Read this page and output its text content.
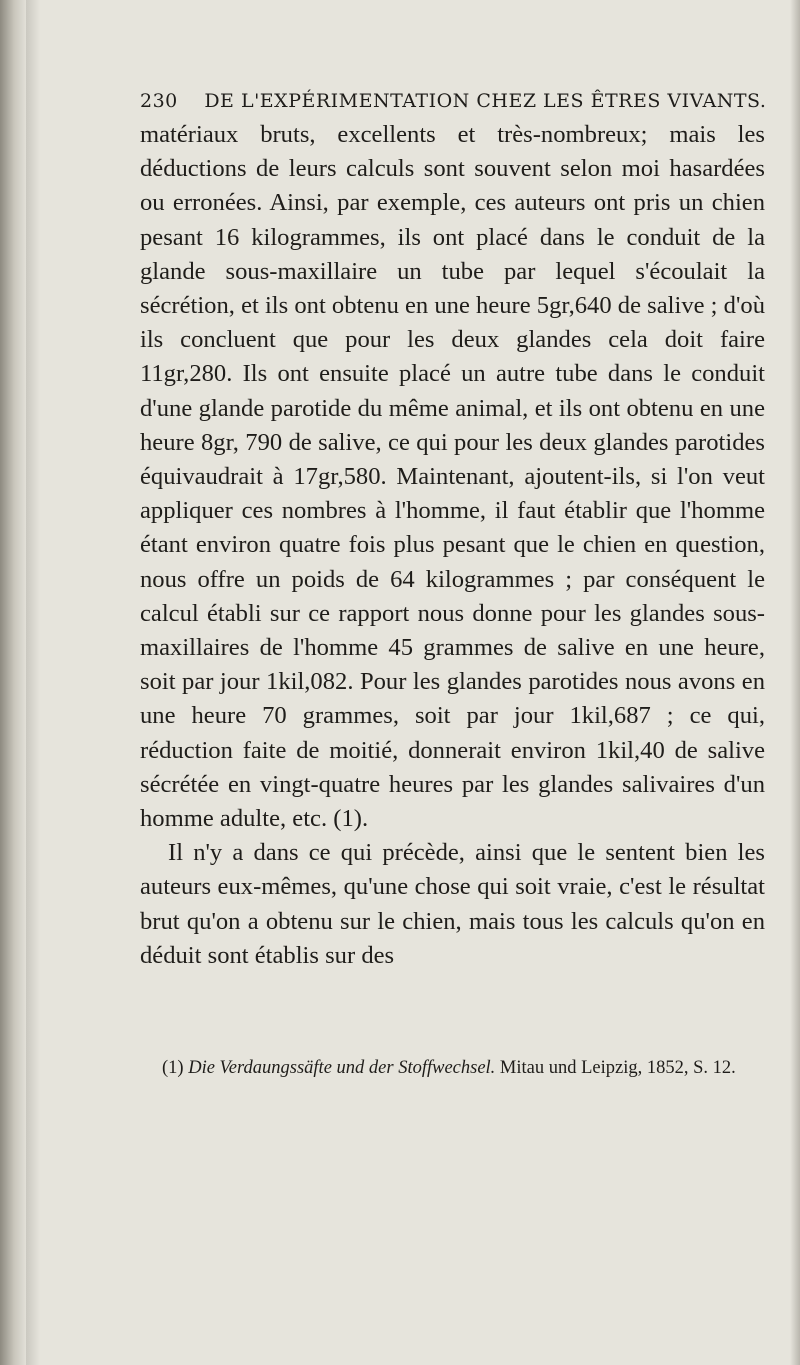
230 DE L'EXPÉRIMENTATION CHEZ LES ÊTRES VIVANTS.

matériaux bruts, excellents et très-nombreux; mais les déductions de leurs calculs sont souvent selon moi hasardées ou erronées. Ainsi, par exemple, ces auteurs ont pris un chien pesant 16 kilogrammes, ils ont placé dans le conduit de la glande sous-maxillaire un tube par lequel s'écoulait la sécrétion, et ils ont obtenu en une heure 5gr,640 de salive ; d'où ils concluent que pour les deux glandes cela doit faire 11gr,280. Ils ont ensuite placé un autre tube dans le conduit d'une glande parotide du même animal, et ils ont obtenu en une heure 8gr, 790 de salive, ce qui pour les deux glandes parotides équivaudrait à 17gr,580. Maintenant, ajoutent-ils, si l'on veut appliquer ces nombres à l'homme, il faut établir que l'homme étant environ quatre fois plus pesant que le chien en question, nous offre un poids de 64 kilogrammes ; par conséquent le calcul établi sur ce rapport nous donne pour les glandes sous-maxillaires de l'homme 45 grammes de salive en une heure, soit par jour 1kil,082. Pour les glandes parotides nous avons en une heure 70 grammes, soit par jour 1kil,687 ; ce qui, réduction faite de moitié, donnerait environ 1kil,40 de salive sécrétée en vingt-quatre heures par les glandes salivaires d'un homme adulte, etc. (1).

Il n'y a dans ce qui précède, ainsi que le sentent bien les auteurs eux-mêmes, qu'une chose qui soit vraie, c'est le résultat brut qu'on a obtenu sur le chien, mais tous les calculs qu'on en déduit sont établis sur des

(1) Die Verdaungssäfte und der Stoffwechsel. Mitau und Leipzig, 1852, S. 12.
